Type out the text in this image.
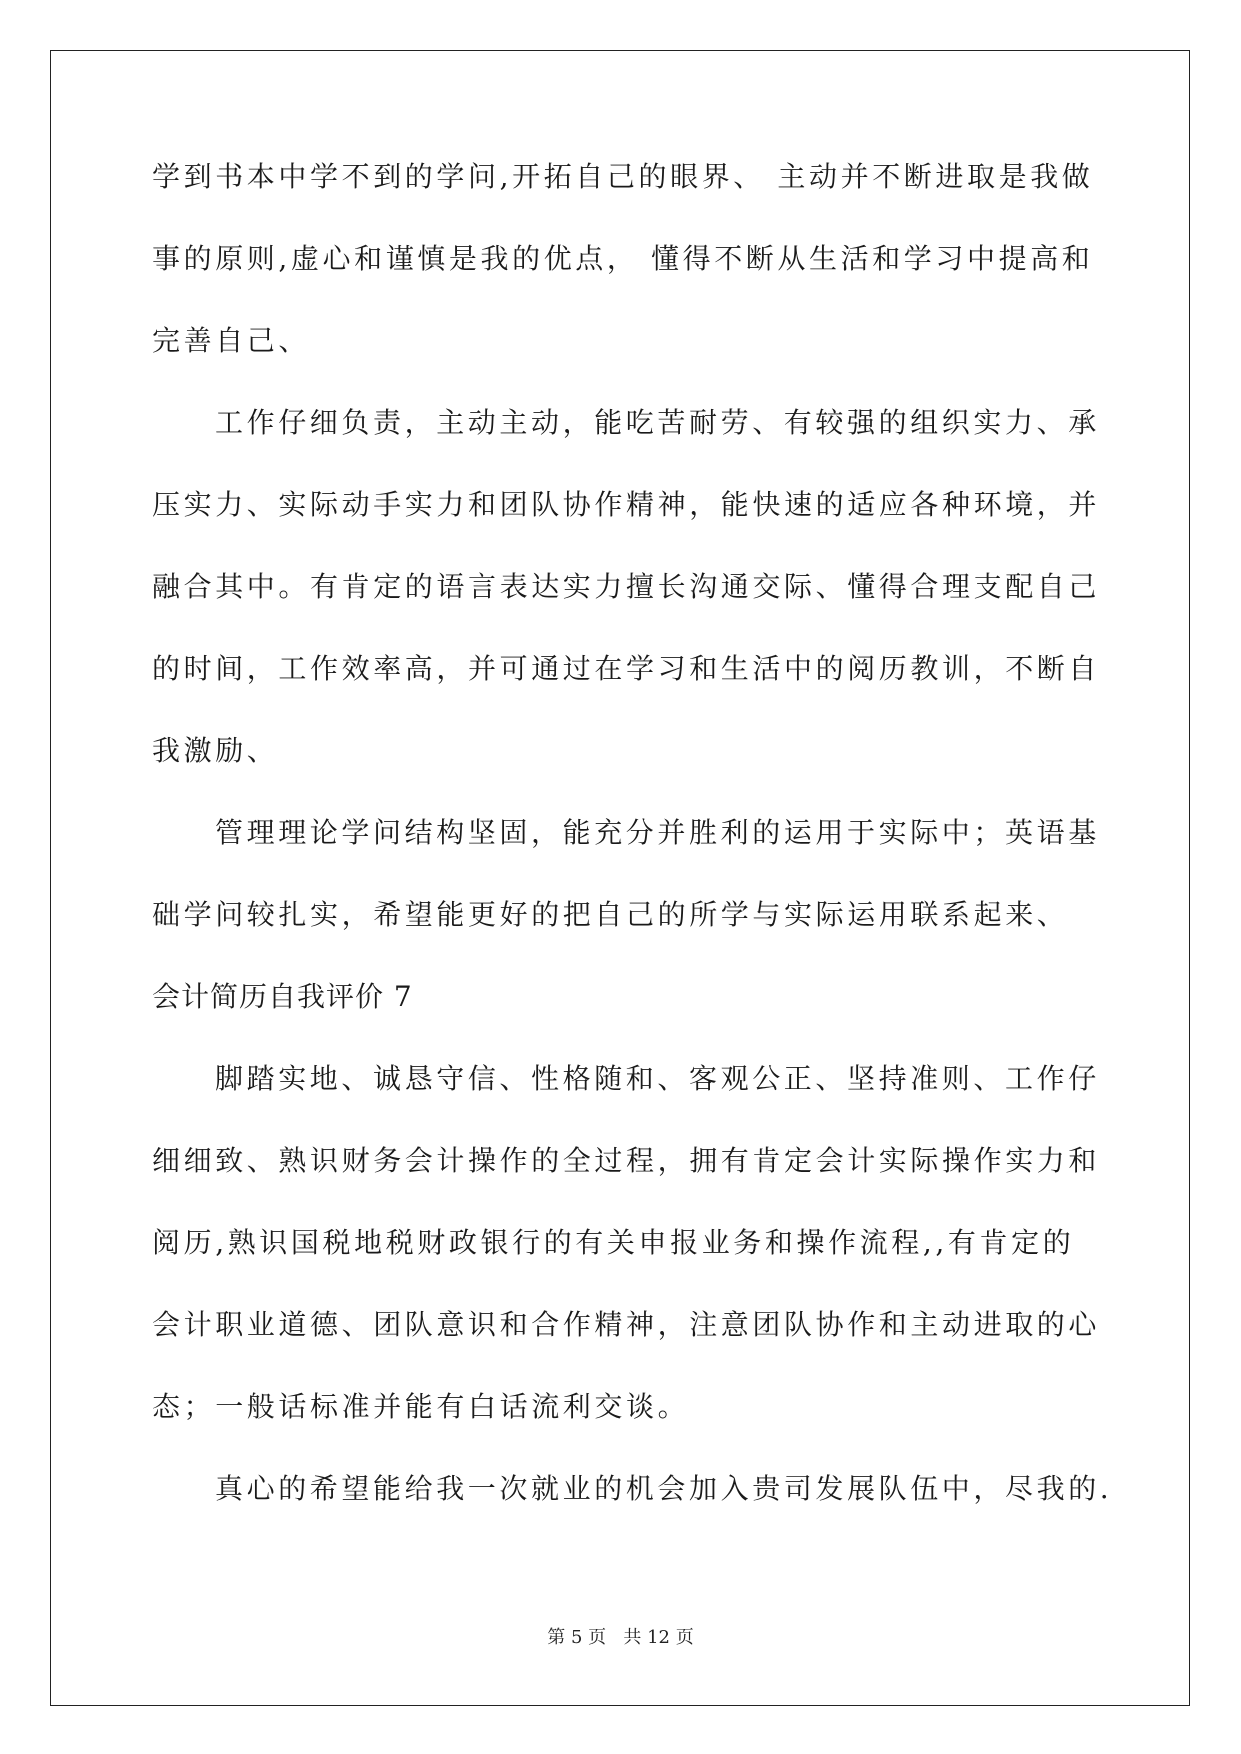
学到书本中学不到的学问,开拓自己的眼界、 主动并不断进取是我做
事的原则,虚心和谨慎是我的优点， 懂得不断从生活和学习中提高和
完善自己、
工作仔细负责，主动主动，能吃苦耐劳、有较强的组织实力、承
压实力、实际动手实力和团队协作精神，能快速的适应各种环境，并
融合其中。有肯定的语言表达实力擅长沟通交际、懂得合理支配自己
的时间，工作效率高，并可通过在学习和生活中的阅历教训，不断自
我激励、
管理理论学问结构坚固，能充分并胜利的运用于实际中；英语基
础学问较扎实，希望能更好的把自己的所学与实际运用联系起来、
会计简历自我评价 7
脚踏实地、诚恳守信、性格随和、客观公正、坚持准则、工作仔
细细致、熟识财务会计操作的全过程，拥有肯定会计实际操作实力和
阅历,熟识国税地税财政银行的有关申报业务和操作流程,,有肯定的
会计职业道德、团队意识和合作精神，注意团队协作和主动进取的心
态；一般话标准并能有白话流利交谈。
真心的希望能给我一次就业的机会加入贵司发展队伍中，尽我的.
第 5 页   共 12 页
